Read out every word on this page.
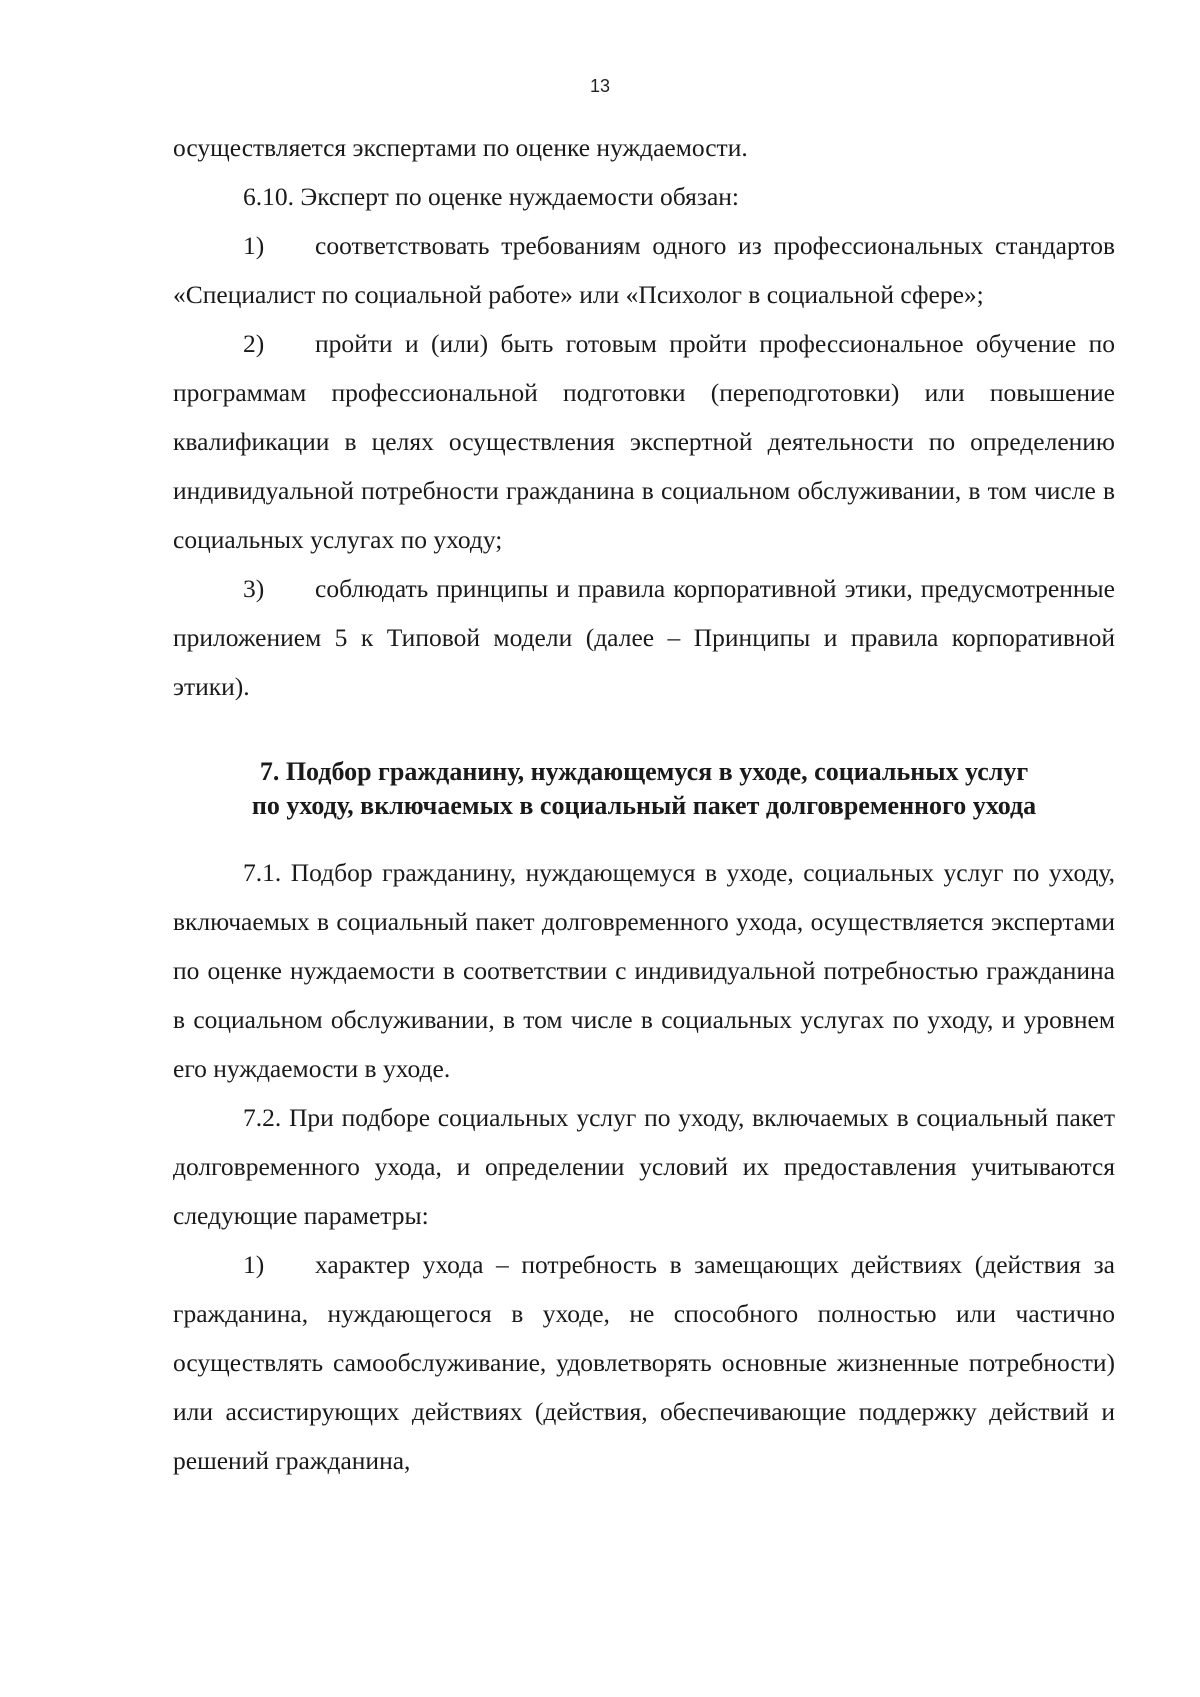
13

осуществляется экспертами по оценке нуждаемости.

6.10. Эксперт по оценке нуждаемости обязан:

1) соответствовать требованиям одного из профессиональных стандартов «Специалист по социальной работе» или «Психолог в социальной сфере»;

2) пройти и (или) быть готовым пройти профессиональное обучение по программам профессиональной подготовки (переподготовки) или повышение квалификации в целях осуществления экспертной деятельности по определению индивидуальной потребности гражданина в социальном обслуживании, в том числе в социальных услугах по уходу;

3) соблюдать принципы и правила корпоративной этики, предусмотренные приложением 5 к Типовой модели (далее – Принципы и правила корпоративной этики).

7. Подбор гражданину, нуждающемуся в уходе, социальных услуг
по уходу, включаемых в социальный пакет долговременного ухода

7.1. Подбор гражданину, нуждающемуся в уходе, социальных услуг по уходу, включаемых в социальный пакет долговременного ухода, осуществляется экспертами по оценке нуждаемости в соответствии с индивидуальной потребностью гражданина в социальном обслуживании, в том числе в социальных услугах по уходу, и уровнем его нуждаемости в уходе.

7.2. При подборе социальных услуг по уходу, включаемых в социальный пакет долговременного ухода, и определении условий их предоставления учитываются следующие параметры:

1) характер ухода – потребность в замещающих действиях (действия за гражданина, нуждающегося в уходе, не способного полностью или частично осуществлять самообслуживание, удовлетворять основные жизненные потребности) или ассистирующих действиях (действия, обеспечивающие поддержку действий и решений гражданина,
